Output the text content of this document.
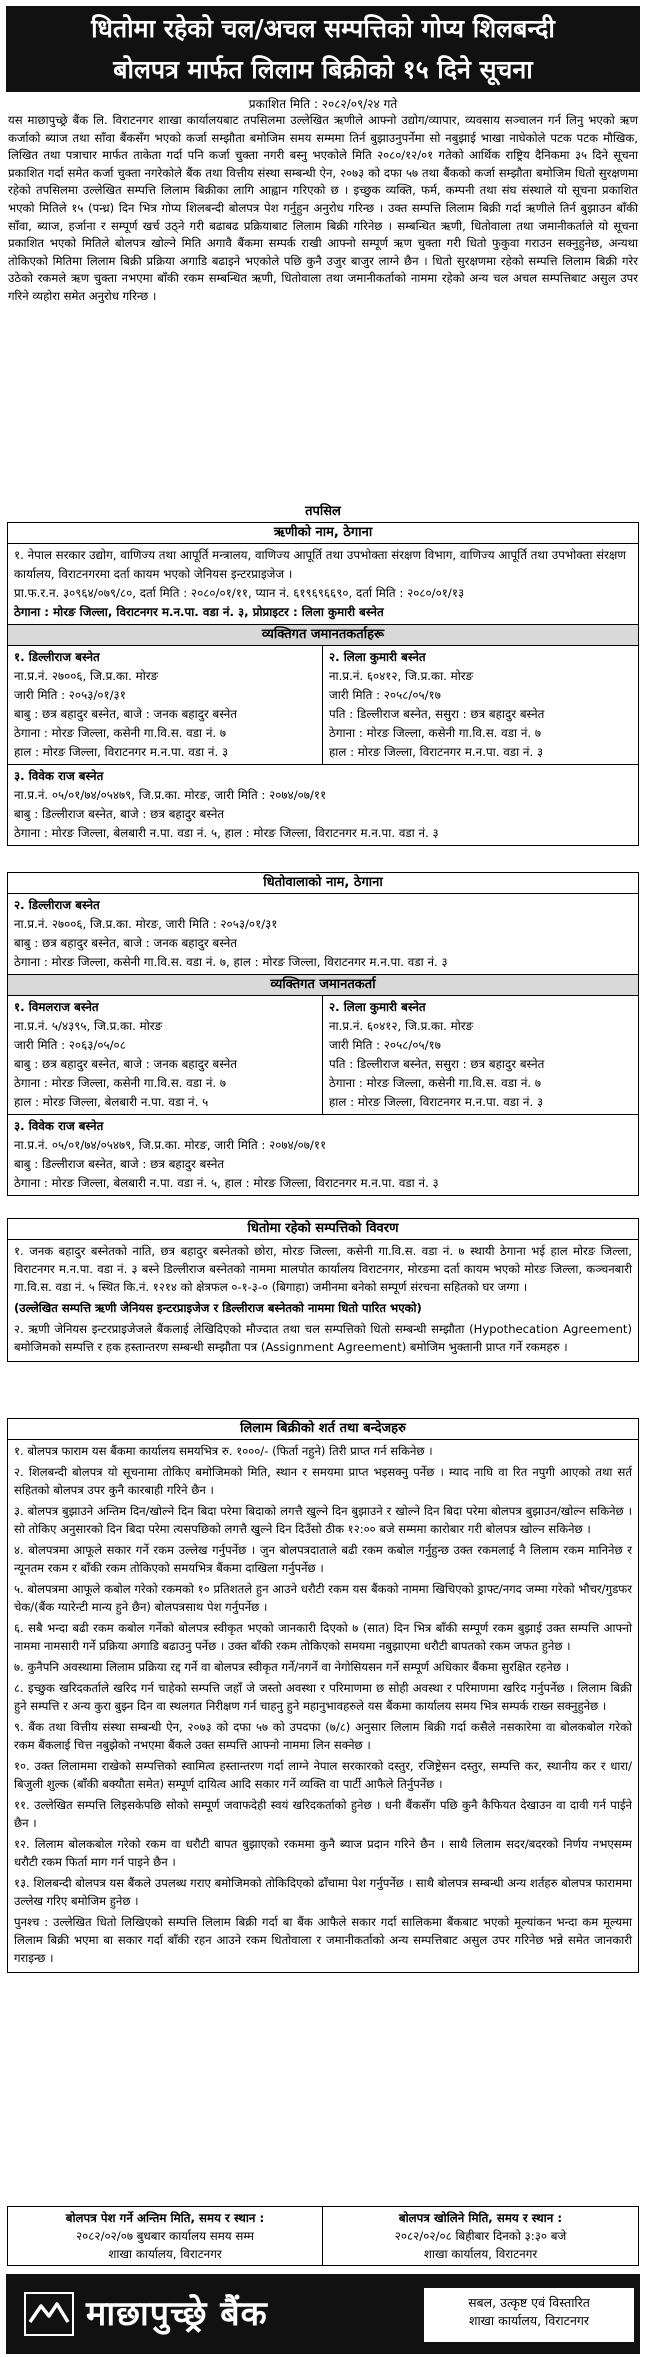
धितोमा रहेको चल/अचल सम्पत्तिको गोप्य शिलबन्दी
बोलपत्र मार्फत लिलाम बिक्रीको १५ दिने सूचना
प्रकाशित मिति : २०८२/०९/२४ गते
यस माछापुच्छ्रे बैंक लि. विराटनगर शाखा कार्यालयबाट तपसिलमा उल्लेखित ऋणीले आफ्नो उद्योग/व्यापार, व्यवसाय सञ्चालन गर्न लिनु भएको ऋण कर्जाको ब्याज तथा साँवा बैंकसँग भएको कर्जा सम्झौता बमोजिम समय सम्ममा तिर्न बुझाउनुपर्नेमा सो नबुझाई भाखा नाघेकोले पटक पटक मौखिक, लिखित तथा पत्राचार मार्फत ताकेता गर्दा पनि कर्जा चुक्ता नगरी बस्नु भएकोले मिति २०८०/१२/०१ गतेको आर्थिक राष्ट्रिय दैनिकमा ३५ दिने सूचना प्रकाशित गर्दा समेत कर्जा चुक्ता नगरेकोले बैंक तथा वित्तीय संस्था सम्बन्धी ऐन, २०७३ को दफा ५७ तथा बैंकको कर्जा सम्झौता बमोजिम धितो सुरक्षणमा रहेको तपसिलमा उल्लेखित सम्पत्ति लिलाम बिक्रीका लागि आह्वान गरिएको छ । इच्छुक व्यक्ति, फर्म, कम्पनी तथा संघ संस्थाले यो सूचना प्रकाशित भएको मितिले १५ (पन्ध्र) दिन भित्र गोप्य शिलबन्दी बोलपत्र पेश गर्नुहुन अनुरोध गरिन्छ । उक्त सम्पत्ति लिलाम बिक्री गर्दा ऋणीले तिर्न बुझाउन बाँकी साँवा, ब्याज, हर्जाना र सम्पूर्ण खर्च उठ्ने गरी बढाबढ प्रक्रियाबाट लिलाम बिक्री गरिनेछ । सम्बन्धित ऋणी, धितोवाला तथा जमानीकर्ताले यो सूचना प्रकाशित भएको मितिले बोलपत्र खोल्ने मिति अगावै बैंकमा सम्पर्क राखी आफ्नो सम्पूर्ण ऋण चुक्ता गरी धितो फुकुवा गराउन सक्नुहुनेछ, अन्यथा तोकिएको मितिमा लिलाम बिक्री प्रक्रिया अगाडि बढाइने भएकोले पछि कुनै उजुर बाजुर लाग्ने छैन । धितो सुरक्षणमा रहेको सम्पत्ति लिलाम बिक्री गरेर उठेको रकमले ऋण चुक्ता नभएमा बाँकी रकम सम्बन्धित ऋणी, धितोवाला तथा जमानीकर्ताको नाममा रहेको अन्य चल अचल सम्पत्तिबाट असुल उपर गरिने व्यहोरा समेत अनुरोध गरिन्छ ।
तपसिल
ऋणीको नाम, ठेगाना
१. नेपाल सरकार उद्योग, वाणिज्य तथा आपूर्ति मन्त्रालय, वाणिज्य आपूर्ति तथा उपभोक्ता संरक्षण विभाग, वाणिज्य आपूर्ति तथा उपभोक्ता संरक्षण कार्यालय, विराटनगरमा दर्ता कायम भएको जेनियस इन्टरप्राइजेज ।
प्रा.फ.र.न. ३०९६४/०७९/८०, दर्ता मिति : २०८०/०१/११, प्यान नं. ६१९६९६६९०, दर्ता मिति : २०८०/०१/१३
ठेगाना : मोरङ जिल्ला, विराटनगर म.न.पा. वडा नं. ३, प्रोप्राइटर : लिला कुमारी बस्नेत
व्यक्तिगत जमानतकर्ताहरू
१. डिल्लीराज बस्नेत
ना.प्र.नं. २७००६, जि.प्र.का. मोरङ
जारी मिति : २०५३/०१/३१
बाबु : छत्र बहादुर बस्नेत, बाजे : जनक बहादुर बस्नेत
ठेगाना : मोरङ जिल्ला, कसेनी गा.वि.स. वडा नं. ७
हाल : मोरङ जिल्ला, विराटनगर म.न.पा. वडा नं. ३
२. लिला कुमारी बस्नेत
ना.प्र.नं. ६०४१२, जि.प्र.का. मोरङ
जारी मिति : २०५८/०५/१७
पति : डिल्लीराज बस्नेत, ससुरा : छत्र बहादुर बस्नेत
ठेगाना : मोरङ जिल्ला, कसेनी गा.वि.स. वडा नं. ७
हाल : मोरङ जिल्ला, विराटनगर म.न.पा. वडा नं. ३
३. विवेक राज बस्नेत
ना.प्र.नं. ०५/०१/७४/०५४७९, जि.प्र.का. मोरङ, जारी मिति : २०७४/०७/११
बाबु : डिल्लीराज बस्नेत, बाजे : छत्र बहादुर बस्नेत
ठेगाना : मोरङ जिल्ला, बेलबारी न.पा. वडा नं. ५, हाल : मोरङ जिल्ला, विराटनगर म.न.पा. वडा नं. ३
धितोवालाको नाम, ठेगाना
२. डिल्लीराज बस्नेत
ना.प्र.नं. २७००६, जि.प्र.का. मोरङ, जारी मिति : २०५३/०१/३१
बाबु : छत्र बहादुर बस्नेत, बाजे : जनक बहादुर बस्नेत
ठेगाना : मोरङ जिल्ला, कसेनी गा.वि.स. वडा नं. ७, हाल : मोरङ जिल्ला, विराटनगर म.न.पा. वडा नं. ३
व्यक्तिगत जमानतकर्ता
१. विमलराज बस्नेत
ना.प्र.नं. ५/४३९५, जि.प्र.का. मोरङ
जारी मिति : २०६३/०५/०८
बाबु : छत्र बहादुर बस्नेत, बाजे : जनक बहादुर बस्नेत
ठेगाना : मोरङ जिल्ला, कसेनी गा.वि.स. वडा नं. ७
हाल : मोरङ जिल्ला, बेलबारी न.पा. वडा नं. ५
२. लिला कुमारी बस्नेत
ना.प्र.नं. ६०४१२, जि.प्र.का. मोरङ
जारी मिति : २०५८/०५/१७
पति : डिल्लीराज बस्नेत, ससुरा : छत्र बहादुर बस्नेत
ठेगाना : मोरङ जिल्ला, कसेनी गा.वि.स. वडा नं. ७
हाल : मोरङ जिल्ला, विराटनगर म.न.पा. वडा नं. ३
३. विवेक राज बस्नेत
ना.प्र.नं. ०५/०१/७४/०५४७९, जि.प्र.का. मोरङ, जारी मिति : २०७४/०७/११
बाबु : डिल्लीराज बस्नेत, बाजे : छत्र बहादुर बस्नेत
ठेगाना : मोरङ जिल्ला, बेलबारी न.पा. वडा नं. ५, हाल : मोरङ जिल्ला, विराटनगर म.न.पा. वडा नं. ३
धितोमा रहेको सम्पत्तिको विवरण

१. जनक बहादुर बस्नेतको नाति, छत्र बहादुर बस्नेतको छोरा, मोरङ जिल्ला, कसेनी गा.वि.स. वडा नं. ७ स्थायी ठेगाना भई हाल मोरङ जिल्ला, विराटनगर म.न.पा. वडा नं. ३ बस्ने डिल्लीराज बस्नेतको नाममा मालपोत कार्यालय विराटनगर, मोरङमा दर्ता कायम भएको मोरङ जिल्ला, कञ्चनबारी गा.वि.स. वडा नं. ५ स्थित कि.नं. १२१४ को क्षेत्रफल ०-१-३-० (बिगाहा) जमीनमा बनेको सम्पूर्ण संरचना सहितको घर जग्गा ।

(उल्लेखित सम्पत्ति ऋणी जेनियस इन्टरप्राइजेज र डिल्लीराज बस्नेतको नाममा धितो पारित भएको)

२. ऋणी जेनियस इन्टरप्राइजेजले बैंकलाई लेखिदिएको मौज्दात तथा चल सम्पत्तिको धितो सम्बन्धी सम्झौता (Hypothecation Agreement) बमोजिमको सम्पत्ति र हक हस्तान्तरण सम्बन्धी सम्झौता पत्र (Assignment Agreement) बमोजिम भुक्तानी प्राप्त गर्ने रकमहरु ।

लिलाम बिक्रीको शर्त तथा बन्देजहरु

१. बोलपत्र फाराम यस बैंकमा कार्यालय समयभित्र रु. १०००/- (फिर्ता नहुने) तिरी प्राप्त गर्न सकिनेछ ।

२. शिलबन्दी बोलपत्र यो सूचनामा तोकिए बमोजिमको मिति, स्थान र समयमा प्राप्त भइसक्नु पर्नेछ । म्याद नाघि वा रित नपुगी आएको तथा सर्त सहितको बोलपत्र उपर कुनै कारबाही गरिने छैन ।

३. बोलपत्र बुझाउने अन्तिम दिन/खोल्ने दिन बिदा परेमा बिदाको लगत्तै खुल्ने दिन बुझाउने र खोल्ने दिन बिदा परेमा बोलपत्र बुझाउन/खोल्न सकिनेछ । सो तोकिए अनुसारको दिन बिदा परेमा त्यसपछिको लगत्तै खुल्ने दिन दिउँसो ठीक १२:०० बजे सम्ममा कारोबार गरी बोलपत्र खोल्न सकिनेछ ।

४. बोलपत्रमा आफूले सकार गर्ने रकम उल्लेख गर्नुपर्नेछ । जुन बोलपत्रदाताले बढी रकम कबोल गर्नुहुन्छ उक्त रकमलाई नै लिलाम रकम मानिनेछ र न्यूनतम रकम र बाँकी रकम तोकिएको समयभित्र बैंकमा दाखिला गर्नुपर्नेछ ।

५. बोलपत्रमा आफूले कबोल गरेको रकमको १० प्रतिशतले हुन आउने धरौटी रकम यस बैंकको नाममा खिचिएको ड्राफ्ट/नगद जम्मा गरेको भौचर/गुडफर चेक/(बैंक ग्यारेन्टी मान्य हुने छैन) बोलपत्रसाथ पेश गर्नुपर्नेछ ।

६. सबै भन्दा बढी रकम कबोल गर्नेको बोलपत्र स्वीकृत भएको जानकारी दिएको ७ (सात) दिन भित्र बाँकी सम्पूर्ण रकम बुझाई उक्त सम्पत्ति आफ्नो नाममा नामसारी गर्ने प्रक्रिया अगाडि बढाउनु पर्नेछ । उक्त बाँकी रकम तोकिएको समयमा नबुझाएमा धरौटी बापतको रकम जफत हुनेछ ।

७. कुनैपनि अवस्थामा लिलाम प्रक्रिया रद्द गर्ने वा बोलपत्र स्वीकृत गर्ने/नगर्ने वा नेगोसियसन गर्ने सम्पूर्ण अधिकार बैंकमा सुरक्षित रहनेछ ।

८. इच्छुक खरिदकर्ताले खरिद गर्न चाहेको सम्पत्ति जहाँ जे जस्तो अवस्था र परिमाणमा छ सोही अवस्था र परिमाणमा खरिद गर्नुपर्नेछ । लिलाम बिक्री हुने सम्पत्ति र अन्य कुरा बुझ्न दिन वा स्थलगत निरीक्षण गर्न चाहनु हुने महानुभावहरुले यस बैंकमा कार्यालय समय भित्र सम्पर्क राख्न सक्नुहुनेछ ।

९. बैंक तथा वित्तीय संस्था सम्बन्धी ऐन, २०७३ को दफा ५७ को उपदफा (७/८) अनुसार लिलाम बिक्री गर्दा कसैले नसकारेमा वा बोलकबोल गरेको रकम बैंकलाई चित्त नबुझेको नभएमा बैंकले उक्त सम्पत्ति आफ्नो नाममा लिन सक्नेछ ।

१०. उक्त लिलाममा राखेको सम्पत्तिको स्वामित्व हस्तान्तरण गर्दा लाग्ने नेपाल सरकारको दस्तुर, रजिष्ट्रेसन दस्तुर, सम्पत्ति कर, स्थानीय कर र धारा/बिजुली शुल्क (बाँकी बक्यौता समेत) सम्पूर्ण दायित्व आदि सकार गर्ने व्यक्ति वा पार्टी आफैले तिर्नुपर्नेछ ।

११. उल्लेखित सम्पत्ति लिइसकेपछि सोको सम्पूर्ण जवाफदेही स्वयं खरिदकर्ताको हुनेछ । धनी बैंकसँग पछि कुनै कैफियत देखाउन वा दावी गर्न पाईने छैन ।

१२. लिलाम बोलकबोल गरेको रकम वा धरौटी बापत बुझाएको रकममा कुनै ब्याज प्रदान गरिने छैन । साथै लिलाम सदर/बदरको निर्णय नभएसम्म धरौटी रकम फिर्ता माग गर्न पाइने छैन ।

१३. शिलबन्दी बोलपत्र यस बैंकले उपलब्ध गराए बमोजिमको तोकिदिएको ढाँचामा पेश गर्नुपर्नेछ । साथै बोलपत्र सम्बन्धी अन्य शर्तहरु बोलपत्र फाराममा उल्लेख गरिए बमोजिम हुनेछ ।

पुनश्च : उल्लेखित धितो लिखिएको सम्पत्ति लिलाम बिक्री गर्दा बा बैंक आफैले सकार गर्दा सालिकमा बैंकबाट भएको मूल्यांकन भन्दा कम मूल्यमा लिलाम बिक्री भएमा बा सकार गर्दा बाँकी रहन आउने रकम धितोवाला र जमानीकर्ताको अन्य सम्पत्तिबाट असुल उपर गरिनेछ भन्ने समेत जानकारी गराइन्छ ।

बोलपत्र पेश गर्ने अन्तिम मिति, समय र स्थान :
२०८२/०२/०७ बुधबार कार्यालय समय सम्म
शाखा कार्यालय, विराटनगर
बोलपत्र खोलिने मिति, समय र स्थान :
२०८२/०२/०८ बिहीबार दिनको ३:३० बजे
शाखा कार्यालय, विराटनगर
माछापुच्छ्रे बैंक	सबल, उत्कृष्ट एवं विस्तारित
शाखा कार्यालय, विराटनगर
